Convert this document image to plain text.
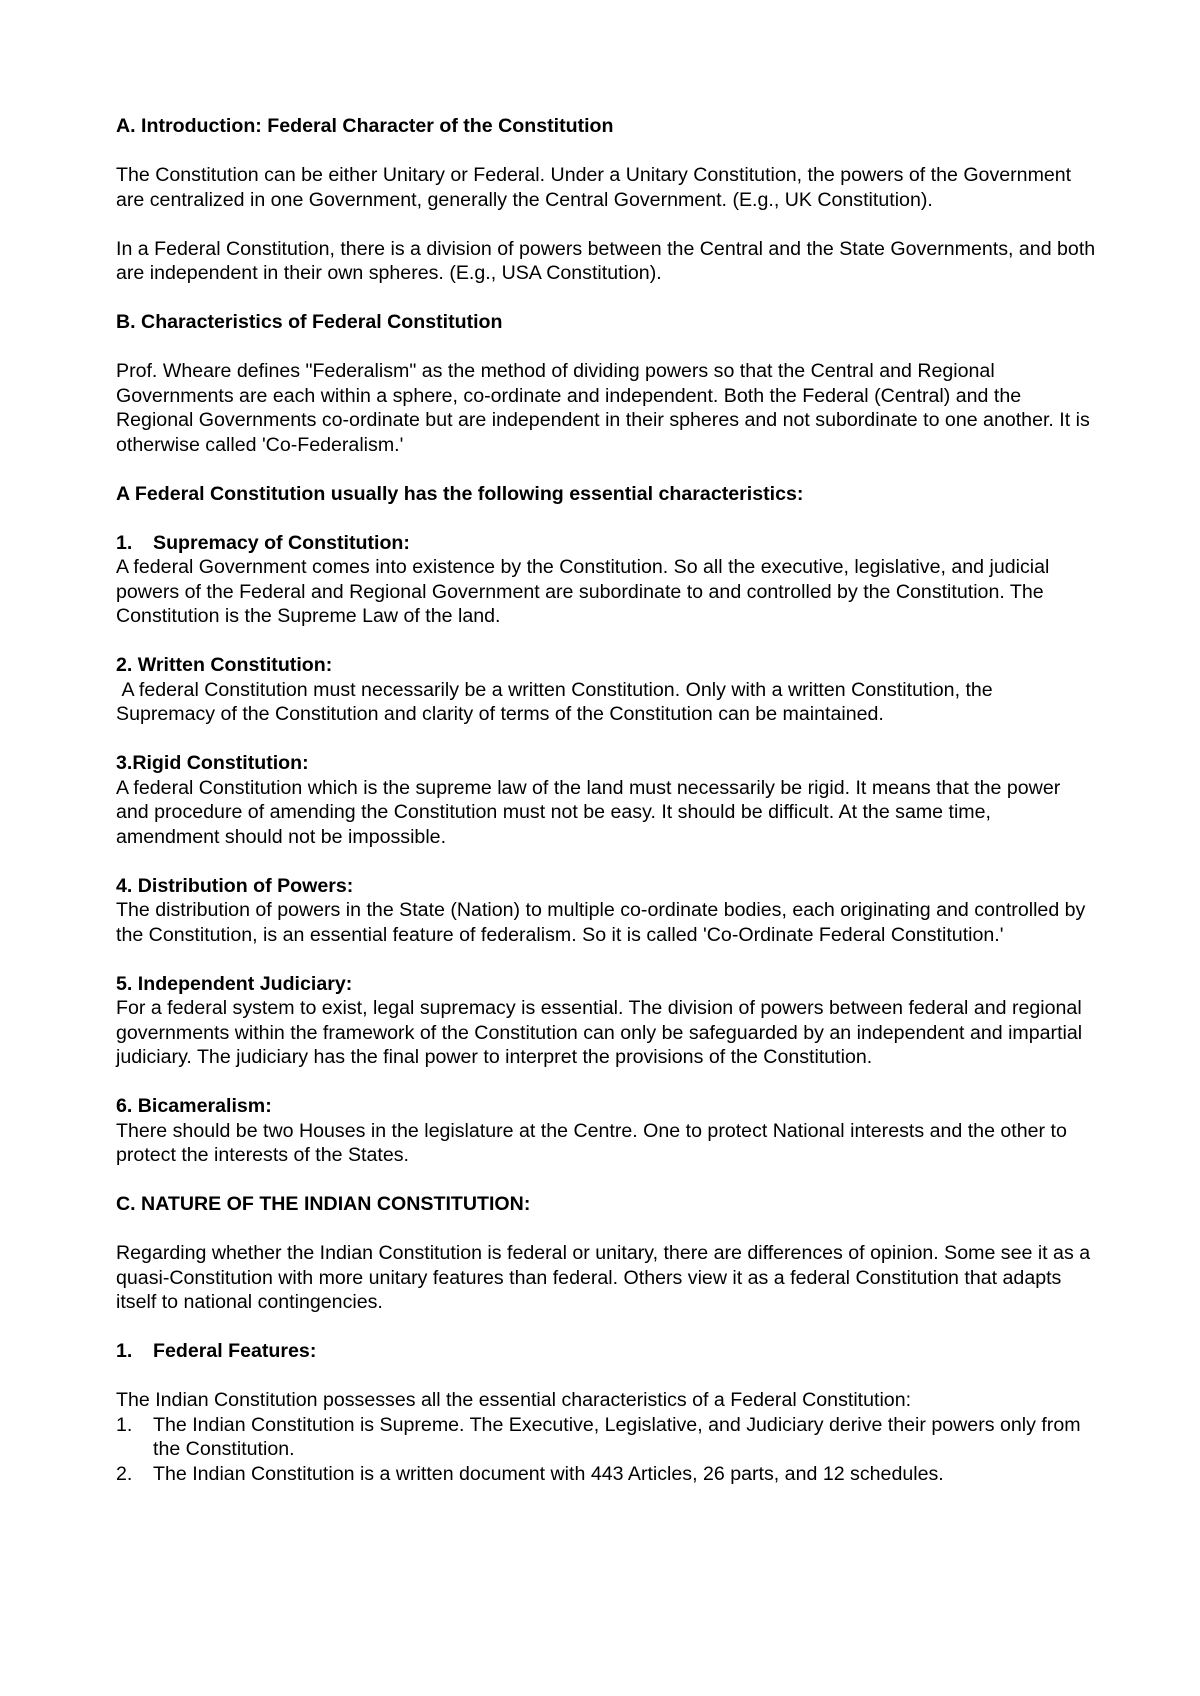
A. Introduction: Federal Character of the Constitution

The Constitution can be either Unitary or Federal. Under a Unitary Constitution, the powers of the Government are centralized in one Government, generally the Central Government. (E.g., UK Constitution).

In a Federal Constitution, there is a division of powers between the Central and the State Governments, and both are independent in their own spheres. (E.g., USA Constitution).

B. Characteristics of Federal Constitution

Prof. Wheare defines "Federalism" as the method of dividing powers so that the Central and Regional Governments are each within a sphere, co-ordinate and independent. Both the Federal (Central) and the Regional Governments co-ordinate but are independent in their spheres and not subordinate to one another. It is otherwise called 'Co-Federalism.'

A Federal Constitution usually has the following essential characteristics:
1. Supremacy of Constitution:

A federal Government comes into existence by the Constitution. So all the executive, legislative, and judicial powers of the Federal and Regional Government are subordinate to and controlled by the Constitution. The Constitution is the Supreme Law of the land.

2. Written Constitution:

A federal Constitution must necessarily be a written Constitution. Only with a written Constitution, the Supremacy of the Constitution and clarity of terms of the Constitution can be maintained.

3.Rigid Constitution:

A federal Constitution which is the supreme law of the land must necessarily be rigid. It means that the power and procedure of amending the Constitution must not be easy. It should be difficult. At the same time, amendment should not be impossible.

4. Distribution of Powers:

The distribution of powers in the State (Nation) to multiple co-ordinate bodies, each originating and controlled by the Constitution, is an essential feature of federalism. So it is called 'Co-Ordinate Federal Constitution.'

5. Independent Judiciary:

For a federal system to exist, legal supremacy is essential. The division of powers between federal and regional governments within the framework of the Constitution can only be safeguarded by an independent and impartial judiciary. The judiciary has the final power to interpret the provisions of the Constitution.

6. Bicameralism:

There should be two Houses in the legislature at the Centre. One to protect National interests and the other to protect the interests of the States.

C. NATURE OF THE INDIAN CONSTITUTION:

Regarding whether the Indian Constitution is federal or unitary, there are differences of opinion. Some see it as a quasi-Constitution with more unitary features than federal. Others view it as a federal Constitution that adapts itself to national contingencies.

1. Federal Features:

The Indian Constitution possesses all the essential characteristics of a Federal Constitution:

1. The Indian Constitution is Supreme. The Executive, Legislative, and Judiciary derive their powers only from the Constitution.
2. The Indian Constitution is a written document with 443 Articles, 26 parts, and 12 schedules.
